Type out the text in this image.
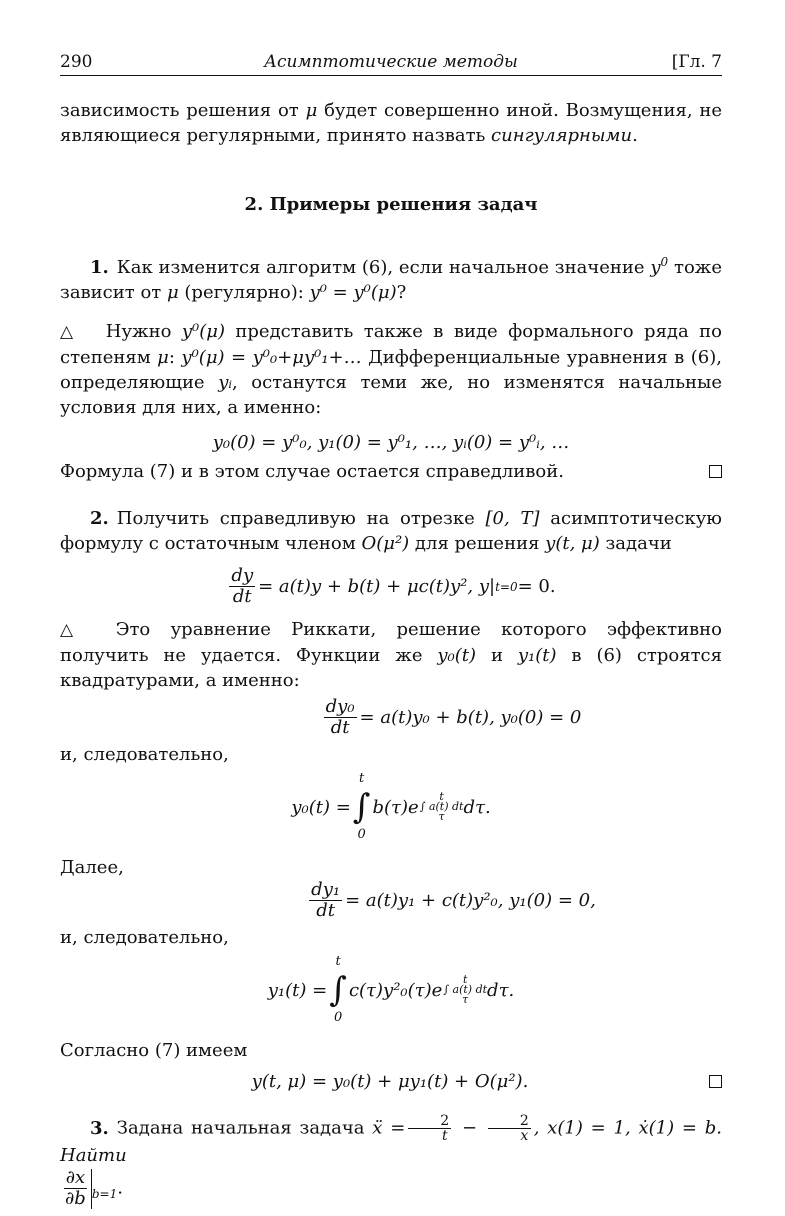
290	Асимптотические методы	[Гл. 7

зависимость решения от μ будет совершенно иной. Возмущения, не являющиеся регулярными, принято назвать сингулярными.

2. Примеры решения задач

1. Как изменится алгоритм (6), если начальное значение $y^0$ тоже зависит от μ (регулярно): y⁰ = y⁰(μ)?

△ Нужно y⁰(μ) представить также в виде формального ряда по степеням μ: y⁰(μ) = y⁰₀+μy⁰₁+… Дифференциальные уравнения в (6), определяющие yᵢ, останутся теми же, но изменятся начальные условия для них, а именно:

y₀(0) = y⁰₀, y₁(0) = y⁰₁, …, yᵢ(0) = y⁰ᵢ, …

Формула (7) и в этом случае остается справедливой.

2. Получить справедливую на отрезке [0, T] асимптотическую формулу с остаточным членом O(μ²) для решения y(t, μ) задачи

$\frac{dy}{dt} = a(t)y + b(t) + \mu c(t)y^2$, y| t=0 = 0.

△ Это уравнение Риккати, решение которого эффективно получить не удается. Функции же y₀(t) и y₁(t) в (6) строятся квадратурами, а именно:

$\frac{\text{dy₀}}{dt} = a(t)y_0 + b(t)$, y₀(0) = 0

и, следовательно,

y₀(t) =
t
∫
0
b(τ)e t
∫ a(t) dt
τ dτ.

Далее,

$\frac{\text{dy₁}}{dt} = a(t)y_1 + c(t)y^2_0$, y₁(0) = 0,

и, следовательно,

y₁(t) =
t
∫
0
c(τ)y²₀(τ)e t
∫ a(t) dt
τ dτ.

Согласно (7) имеем

y(t, μ) = y₀(t) + μy₁(t) + O(μ²).

3. Задана начальная задача ẍ = $\frac{2}{t} - \frac{2}{x}$ , x(1) = 1, ẋ(1) = b. Найти

$\frac{\partial x}{\partial b} _{b=1}$.
